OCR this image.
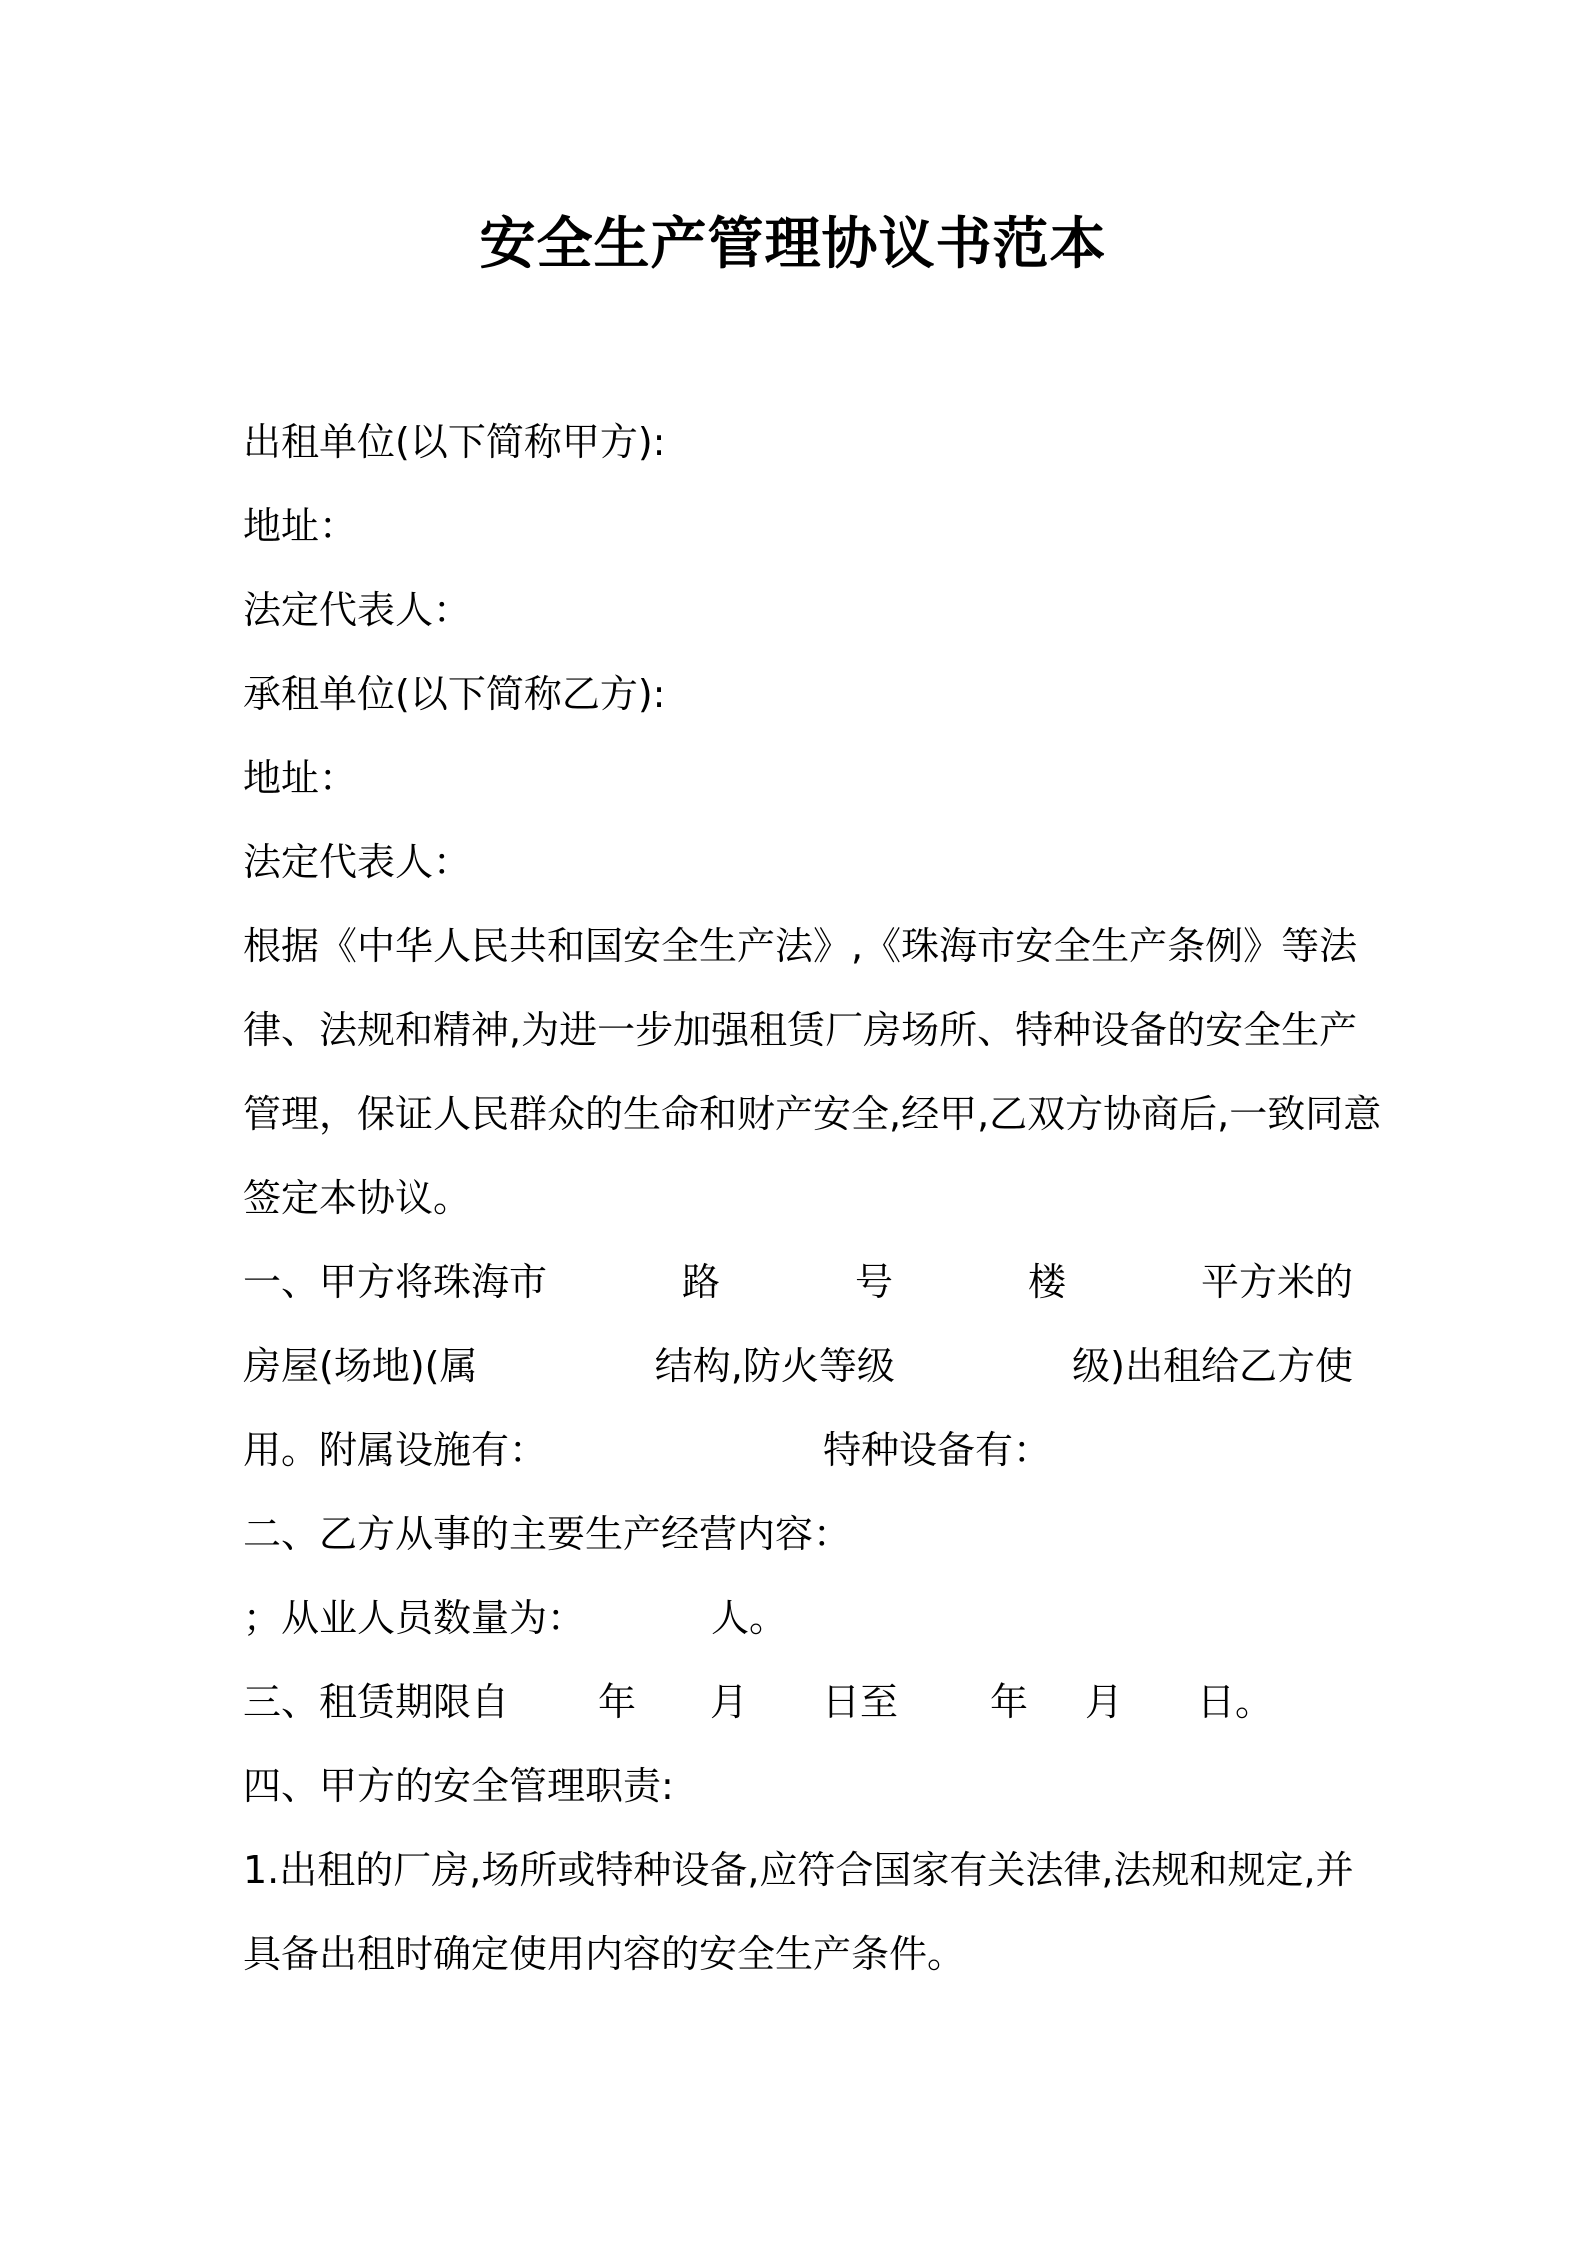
安全生产管理协议书范本
出租单位(以下简称甲方):
地址：
法定代表人：
承租单位(以下简称乙方):
地址：
法定代表人：
根据《中华人民共和国安全生产法》,《珠海市安全生产条例》等法
律、法规和精神,为进一步加强租赁厂房场所、特种设备的安全生产
管理，保证人民群众的生命和财产安全,经甲,乙双方协商后,一致同意
签定本协议。
一、甲方将珠海市	路	号	楼	平方米的
房屋(场地)(属	结构,防火等级	级)出租给乙方使
用。附属设施有：	特种设备有：
二、乙方从事的主要生产经营内容：
；从业人员数量为：	人。
三、租赁期限自 年 月 日至 年 月 日。
四、甲方的安全管理职责:
1.出租的厂房,场所或特种设备,应符合国家有关法律,法规和规定,并
具备出租时确定使用内容的安全生产条件。
